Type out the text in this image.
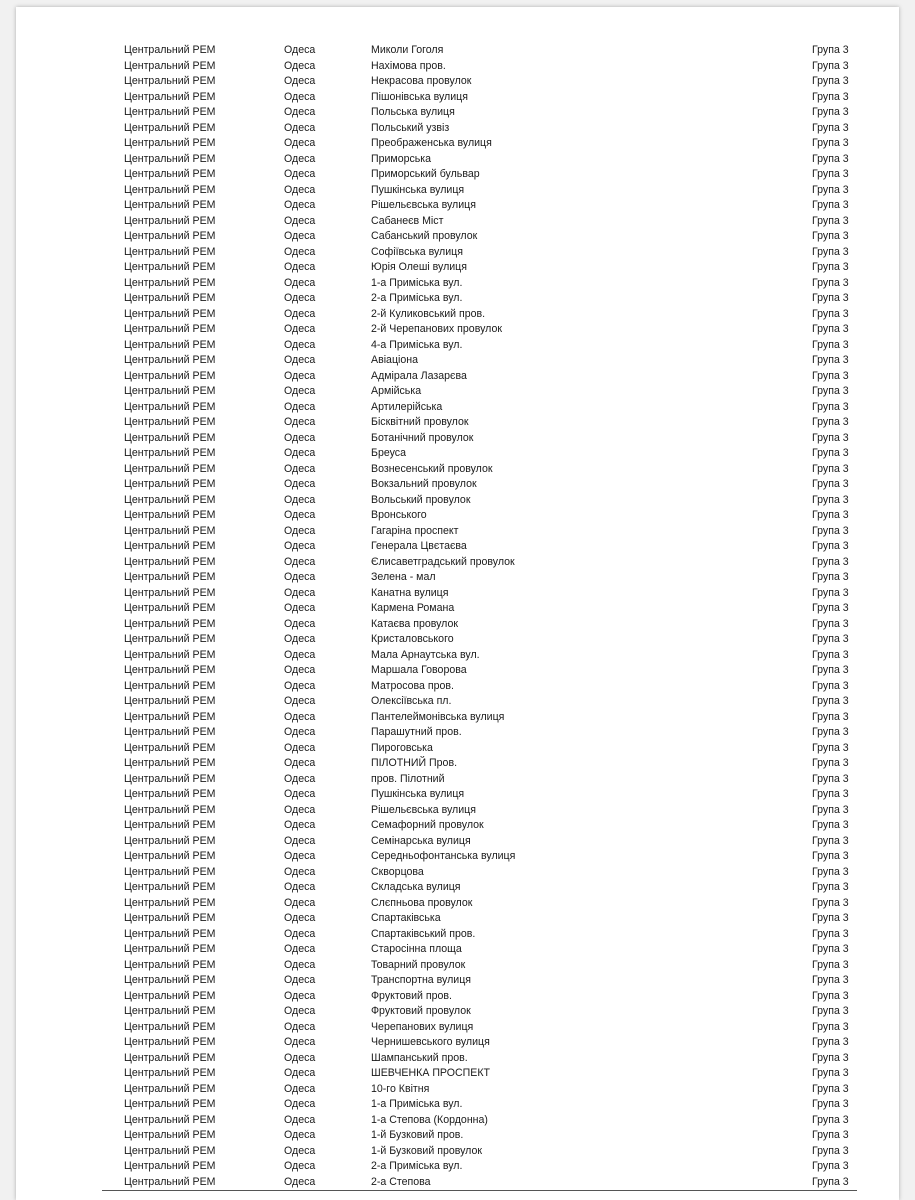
Центральний РЕМ	Одеса	Миколи Гоголя	Група 3
Центральний РЕМ	Одеса	Нахімова пров.	Група 3
Центральний РЕМ	Одеса	Некрасова провулок	Група 3
Центральний РЕМ	Одеса	Пішонівська вулиця	Група 3
Центральний РЕМ	Одеса	Польська вулиця	Група 3
Центральний РЕМ	Одеса	Польський узвіз	Група 3
Центральний РЕМ	Одеса	Преображенська вулиця	Група 3
Центральний РЕМ	Одеса	Приморська	Група 3
Центральний РЕМ	Одеса	Приморський бульвар	Група 3
Центральний РЕМ	Одеса	Пушкінська вулиця	Група 3
Центральний РЕМ	Одеса	Рішельєвська вулиця	Група 3
Центральний РЕМ	Одеса	Сабанеєв Міст	Група 3
Центральний РЕМ	Одеса	Сабанський провулок	Група 3
Центральний РЕМ	Одеса	Софіївська вулиця	Група 3
Центральний РЕМ	Одеса	Юрія Олеші вулиця	Група 3
Центральний РЕМ	Одеса	1-а Приміська вул.	Група 3
Центральний РЕМ	Одеса	2-а Приміська вул.	Група 3
Центральний РЕМ	Одеса	2-й Куликовський пров.	Група 3
Центральний РЕМ	Одеса	2-й Черепанових провулок	Група 3
Центральний РЕМ	Одеса	4-а Приміська вул.	Група 3
Центральний РЕМ	Одеса	Авіаціона	Група 3
Центральний РЕМ	Одеса	Адмірала Лазарєва	Група 3
Центральний РЕМ	Одеса	Армійська	Група 3
Центральний РЕМ	Одеса	Артилерійська	Група 3
Центральний РЕМ	Одеса	Бісквітний провулок	Група 3
Центральний РЕМ	Одеса	Ботанічний провулок	Група 3
Центральний РЕМ	Одеса	Бреуса	Група 3
Центральний РЕМ	Одеса	Вознесенський провулок	Група 3
Центральний РЕМ	Одеса	Вокзальний провулок	Група 3
Центральний РЕМ	Одеса	Вольський провулок	Група 3
Центральний РЕМ	Одеса	Вронського	Група 3
Центральний РЕМ	Одеса	Гагаріна проспект	Група 3
Центральний РЕМ	Одеса	Генерала Цвєтаєва	Група 3
Центральний РЕМ	Одеса	Єлисаветградський провулок	Група 3
Центральний РЕМ	Одеса	Зелена - мал	Група 3
Центральний РЕМ	Одеса	Канатна вулиця	Група 3
Центральний РЕМ	Одеса	Кармена Романа	Група 3
Центральний РЕМ	Одеса	Катаєва провулок	Група 3
Центральний РЕМ	Одеса	Кристаловського	Група 3
Центральний РЕМ	Одеса	Мала Арнаутська вул.	Група 3
Центральний РЕМ	Одеса	Маршала Говорова	Група 3
Центральний РЕМ	Одеса	Матросова пров.	Група 3
Центральний РЕМ	Одеса	Олексіївська пл.	Група 3
Центральний РЕМ	Одеса	Пантелеймонівська вулиця	Група 3
Центральний РЕМ	Одеса	Парашутний пров.	Група 3
Центральний РЕМ	Одеса	Пироговська	Група 3
Центральний РЕМ	Одеса	ПІЛОТНИЙ Пров.	Група 3
Центральний РЕМ	Одеса	пров. Пілотний	Група 3
Центральний РЕМ	Одеса	Пушкінська вулиця	Група 3
Центральний РЕМ	Одеса	Рішельєвська вулиця	Група 3
Центральний РЕМ	Одеса	Семафорний провулок	Група 3
Центральний РЕМ	Одеса	Семінарська вулиця	Група 3
Центральний РЕМ	Одеса	Середньофонтанська вулиця	Група 3
Центральний РЕМ	Одеса	Скворцова	Група 3
Центральний РЕМ	Одеса	Складська вулиця	Група 3
Центральний РЕМ	Одеса	Слєпньова провулок	Група 3
Центральний РЕМ	Одеса	Спартаківська	Група 3
Центральний РЕМ	Одеса	Спартаківський пров.	Група 3
Центральний РЕМ	Одеса	Старосінна площа	Група 3
Центральний РЕМ	Одеса	Товарний провулок	Група 3
Центральний РЕМ	Одеса	Транспортна вулиця	Група 3
Центральний РЕМ	Одеса	Фруктовий пров.	Група 3
Центральний РЕМ	Одеса	Фруктовий провулок	Група 3
Центральний РЕМ	Одеса	Черепанових вулиця	Група 3
Центральний РЕМ	Одеса	Чернишевського вулиця	Група 3
Центральний РЕМ	Одеса	Шампанський пров.	Група 3
Центральний РЕМ	Одеса	ШЕВЧЕНКА ПРОСПЕКТ	Група 3
Центральний РЕМ	Одеса	10-го Квітня	Група 3
Центральний РЕМ	Одеса	1-а Приміська вул.	Група 3
Центральний РЕМ	Одеса	1-а Степова (Кордонна)	Група 3
Центральний РЕМ	Одеса	1-й Бузковий пров.	Група 3
Центральний РЕМ	Одеса	1-й Бузковий провулок	Група 3
Центральний РЕМ	Одеса	2-а Приміська вул.	Група 3
Центральний РЕМ	Одеса	2-а Степова	Група 3
